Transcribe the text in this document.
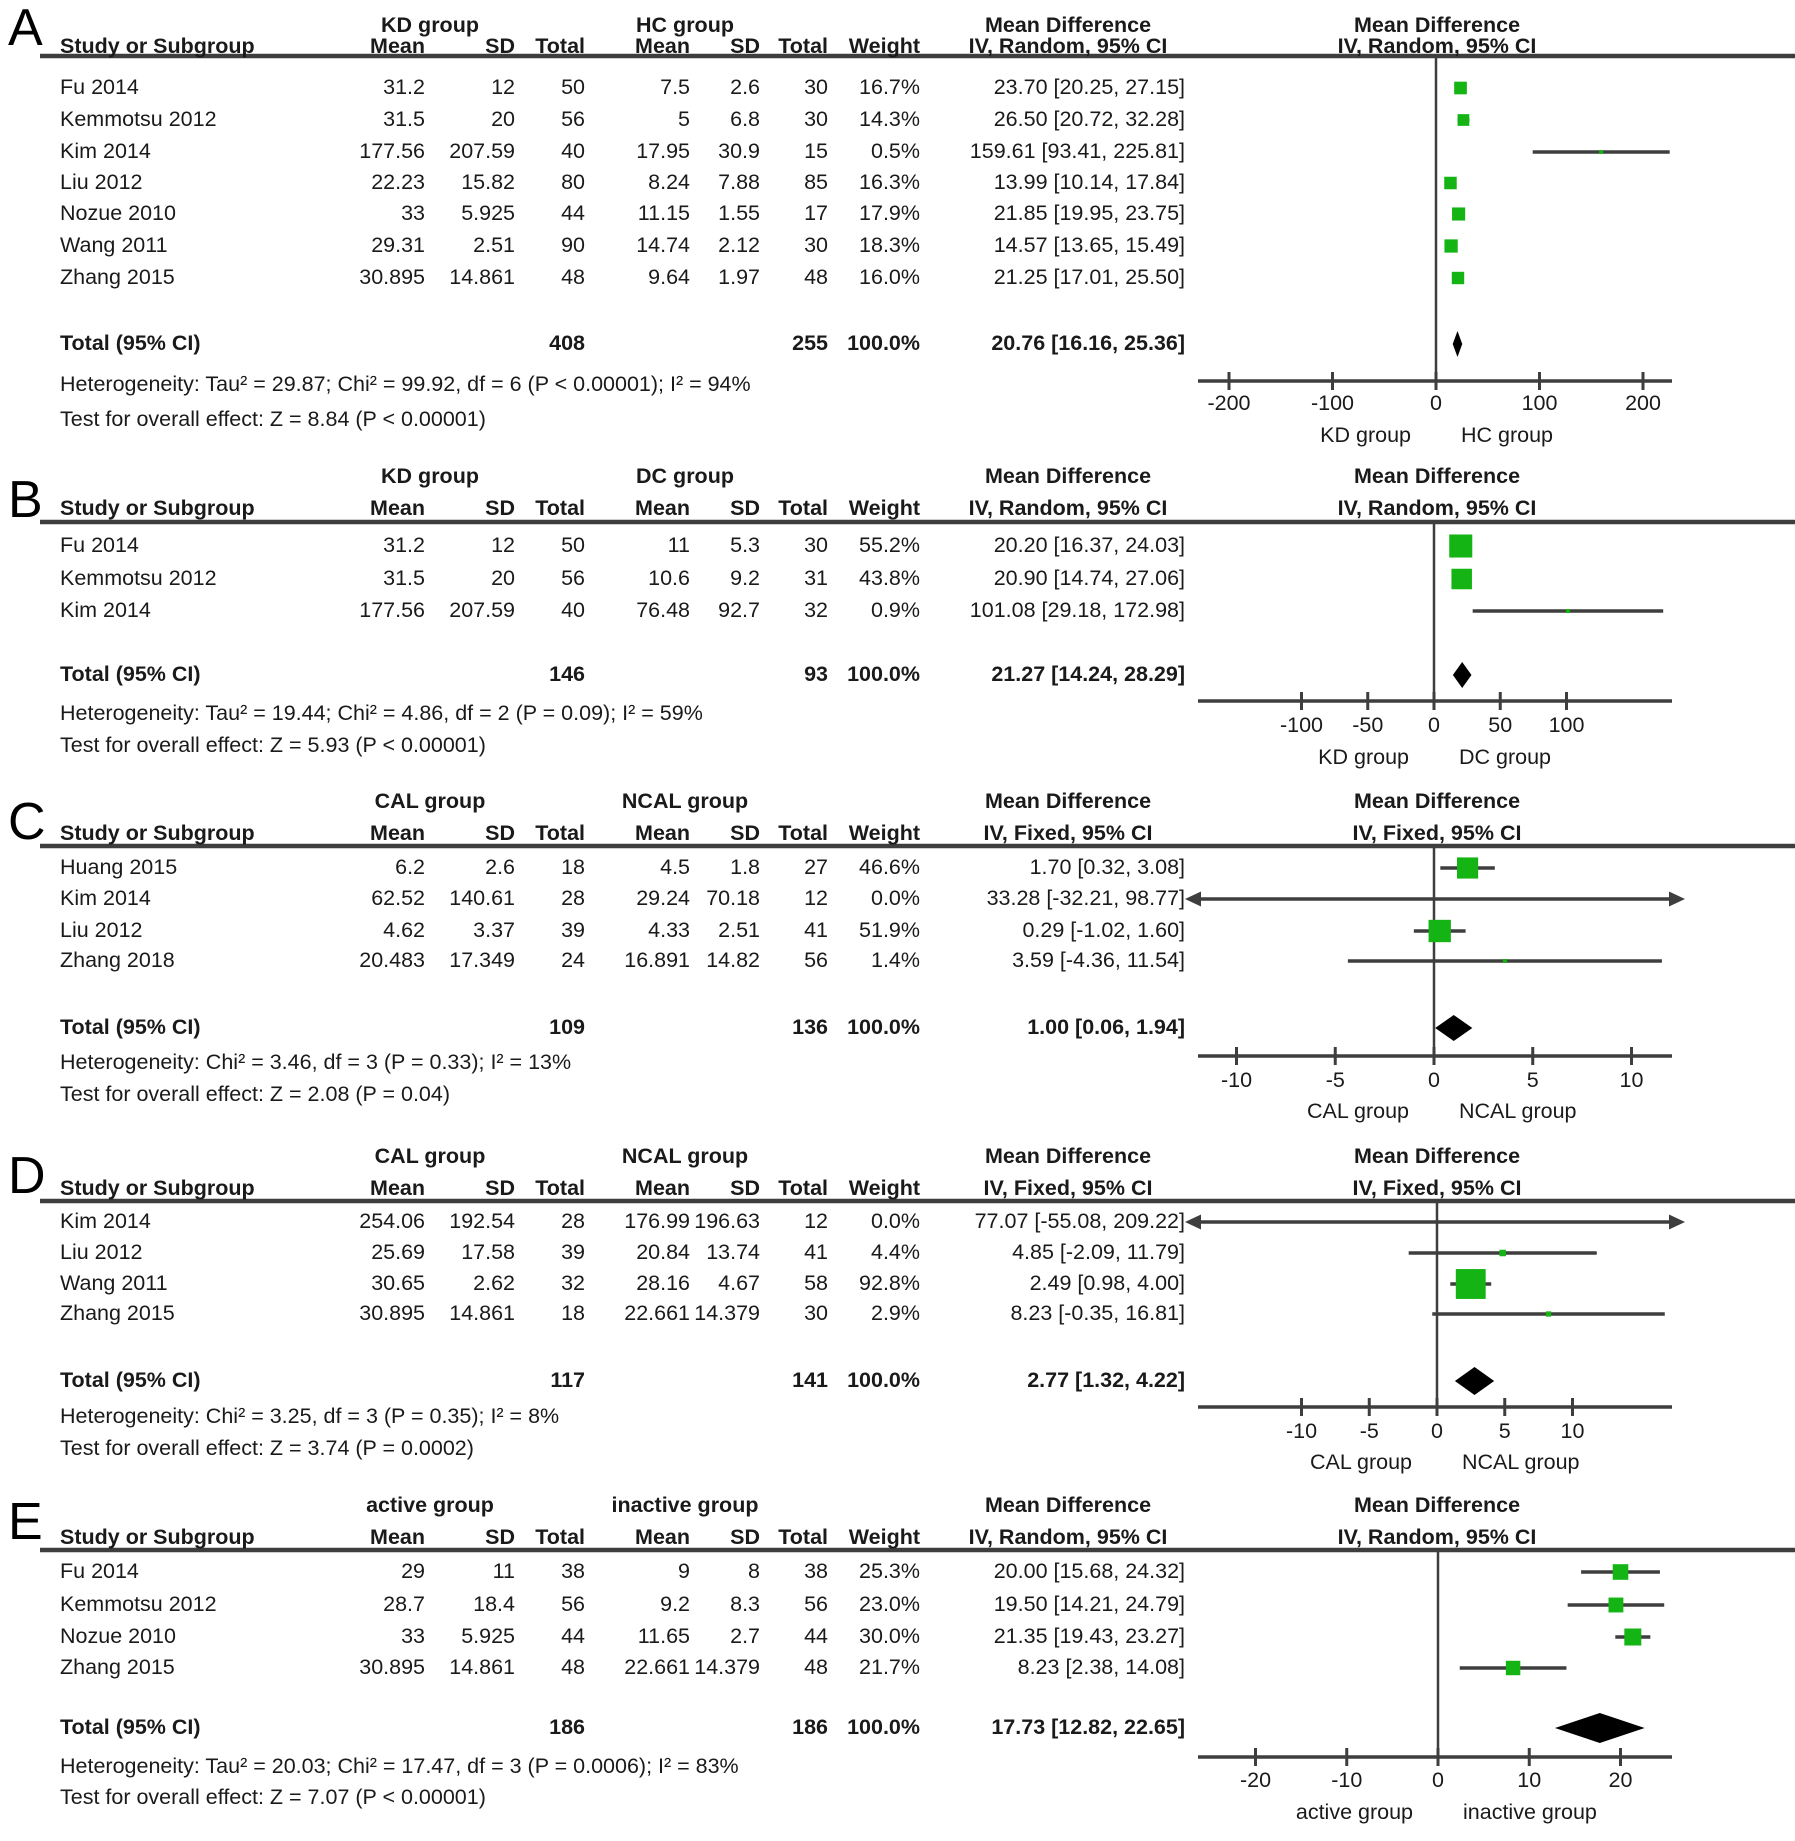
A	KD group	HC group	Mean Difference	Mean Difference
Study or Subgroup	Mean	SD Total	Mean	SD Total Weight	IV, Random, 95% CI	IV, Random, 95% CI
-200	-100	0	100	200
KD group HC group
Fu 2014	31.2	12	50	7.5	2.6	30	16.7%	23.70 [20.25, 27.15]
Kemmotsu 2012	31.5	20	56	5	6.8	30	14.3%	26.50 [20.72, 32.28]
Kim 2014	177.56	207.59	40	17.95	30.9	15	0.5%	159.61 [93.41, 225.81]
Liu 2012	22.23	15.82	80	8.24	7.88	85	16.3%	13.99 [10.14, 17.84]
Nozue 2010	33	5.925	44	11.15	1.55	17	17.9%	21.85 [19.95, 23.75]
Wang 2011	29.31	2.51	90	14.74	2.12	30	18.3%	14.57 [13.65, 15.49]
Zhang 2015	30.895	14.861	48	9.64	1.97	48	16.0%	21.25 [17.01, 25.50]
Total (95% CI)	408	255 100.0%	20.76 [16.16, 25.36]
Heterogeneity: Tau² = 29.87; Chi² = 99.92, df = 6 (P < 0.00001); I² = 94%
Test for overall effect: Z = 8.84 (P < 0.00001)
B	KD group	DC group	Mean Difference	Mean Difference
Study or Subgroup	Mean	SD Total	Mean	SD Total Weight	IV, Random, 95% CI	IV, Random, 95% CI
-100	-50	0	50	100
KD group DC group
Fu 2014	31.2	12	50	11	5.3	30	55.2%	20.20 [16.37, 24.03]
Kemmotsu 2012	31.5	20	56	10.6	9.2	31	43.8%	20.90 [14.74, 27.06]
Kim 2014	177.56	207.59	40	76.48	92.7	32	0.9%	101.08 [29.18, 172.98]
Total (95% CI)	146	93 100.0%	21.27 [14.24, 28.29]
Heterogeneity: Tau² = 19.44; Chi² = 4.86, df = 2 (P = 0.09); I² = 59%
Test for overall effect: Z = 5.93 (P < 0.00001)
C	CAL group	NCAL group	Mean Difference	Mean Difference
Study or Subgroup	Mean	SD Total	Mean	SD Total Weight	IV, Fixed, 95% CI	IV, Fixed, 95% CI
-10	-5	0	5	10
CAL group NCAL group
Huang 2015	6.2	2.6	18	4.5	1.8	27	46.6%	1.70 [0.32, 3.08]
Kim 2014	62.52	140.61	28	29.24 70.18	12	0.0%	33.28 [-32.21, 98.77]
Liu 2012	4.62	3.37	39	4.33	2.51	41	51.9%	0.29 [-1.02, 1.60]
Zhang 2018	20.483	17.349	24	16.891 14.82	56	1.4%	3.59 [-4.36, 11.54]
Total (95% CI)	109	136 100.0%	1.00 [0.06, 1.94]
Heterogeneity: Chi² = 3.46, df = 3 (P = 0.33); I² = 13%
Test for overall effect: Z = 2.08 (P = 0.04)
D	CAL group	NCAL group	Mean Difference	Mean Difference
Study or Subgroup	Mean	SD Total	Mean	SD Total Weight	IV, Fixed, 95% CI	IV, Fixed, 95% CI
-10	-5	0	5	10
CAL group NCAL group
Kim 2014	254.06	192.54	28	176.99 196.63	12	0.0%	77.07 [-55.08, 209.22]
Liu 2012	25.69	17.58	39	20.84 13.74	41	4.4%	4.85 [-2.09, 11.79]
Wang 2011	30.65	2.62	32	28.16	4.67	58	92.8%	2.49 [0.98, 4.00]
Zhang 2015	30.895	14.861	18	22.661 14.379	30	2.9%	8.23 [-0.35, 16.81]
Total (95% CI)	117	141 100.0%	2.77 [1.32, 4.22]
Heterogeneity: Chi² = 3.25, df = 3 (P = 0.35); I² = 8%
Test for overall effect: Z = 3.74 (P = 0.0002)
E	active group	inactive group	Mean Difference	Mean Difference
Study or Subgroup	Mean	SD Total	Mean	SD Total Weight	IV, Random, 95% CI	IV, Random, 95% CI
-20	-10	0	10	20
active group inactive group
Fu 2014	29	11	38	9	8	38	25.3%	20.00 [15.68, 24.32]
Kemmotsu 2012	28.7	18.4	56	9.2	8.3	56	23.0%	19.50 [14.21, 24.79]
Nozue 2010	33	5.925	44	11.65	2.7	44	30.0%	21.35 [19.43, 23.27]
Zhang 2015	30.895	14.861	48	22.661 14.379	48	21.7%	8.23 [2.38, 14.08]
Total (95% CI)	186	186 100.0%	17.73 [12.82, 22.65]
Heterogeneity: Tau² = 20.03; Chi² = 17.47, df = 3 (P = 0.0006); I² = 83%
Test for overall effect: Z = 7.07 (P < 0.00001)
